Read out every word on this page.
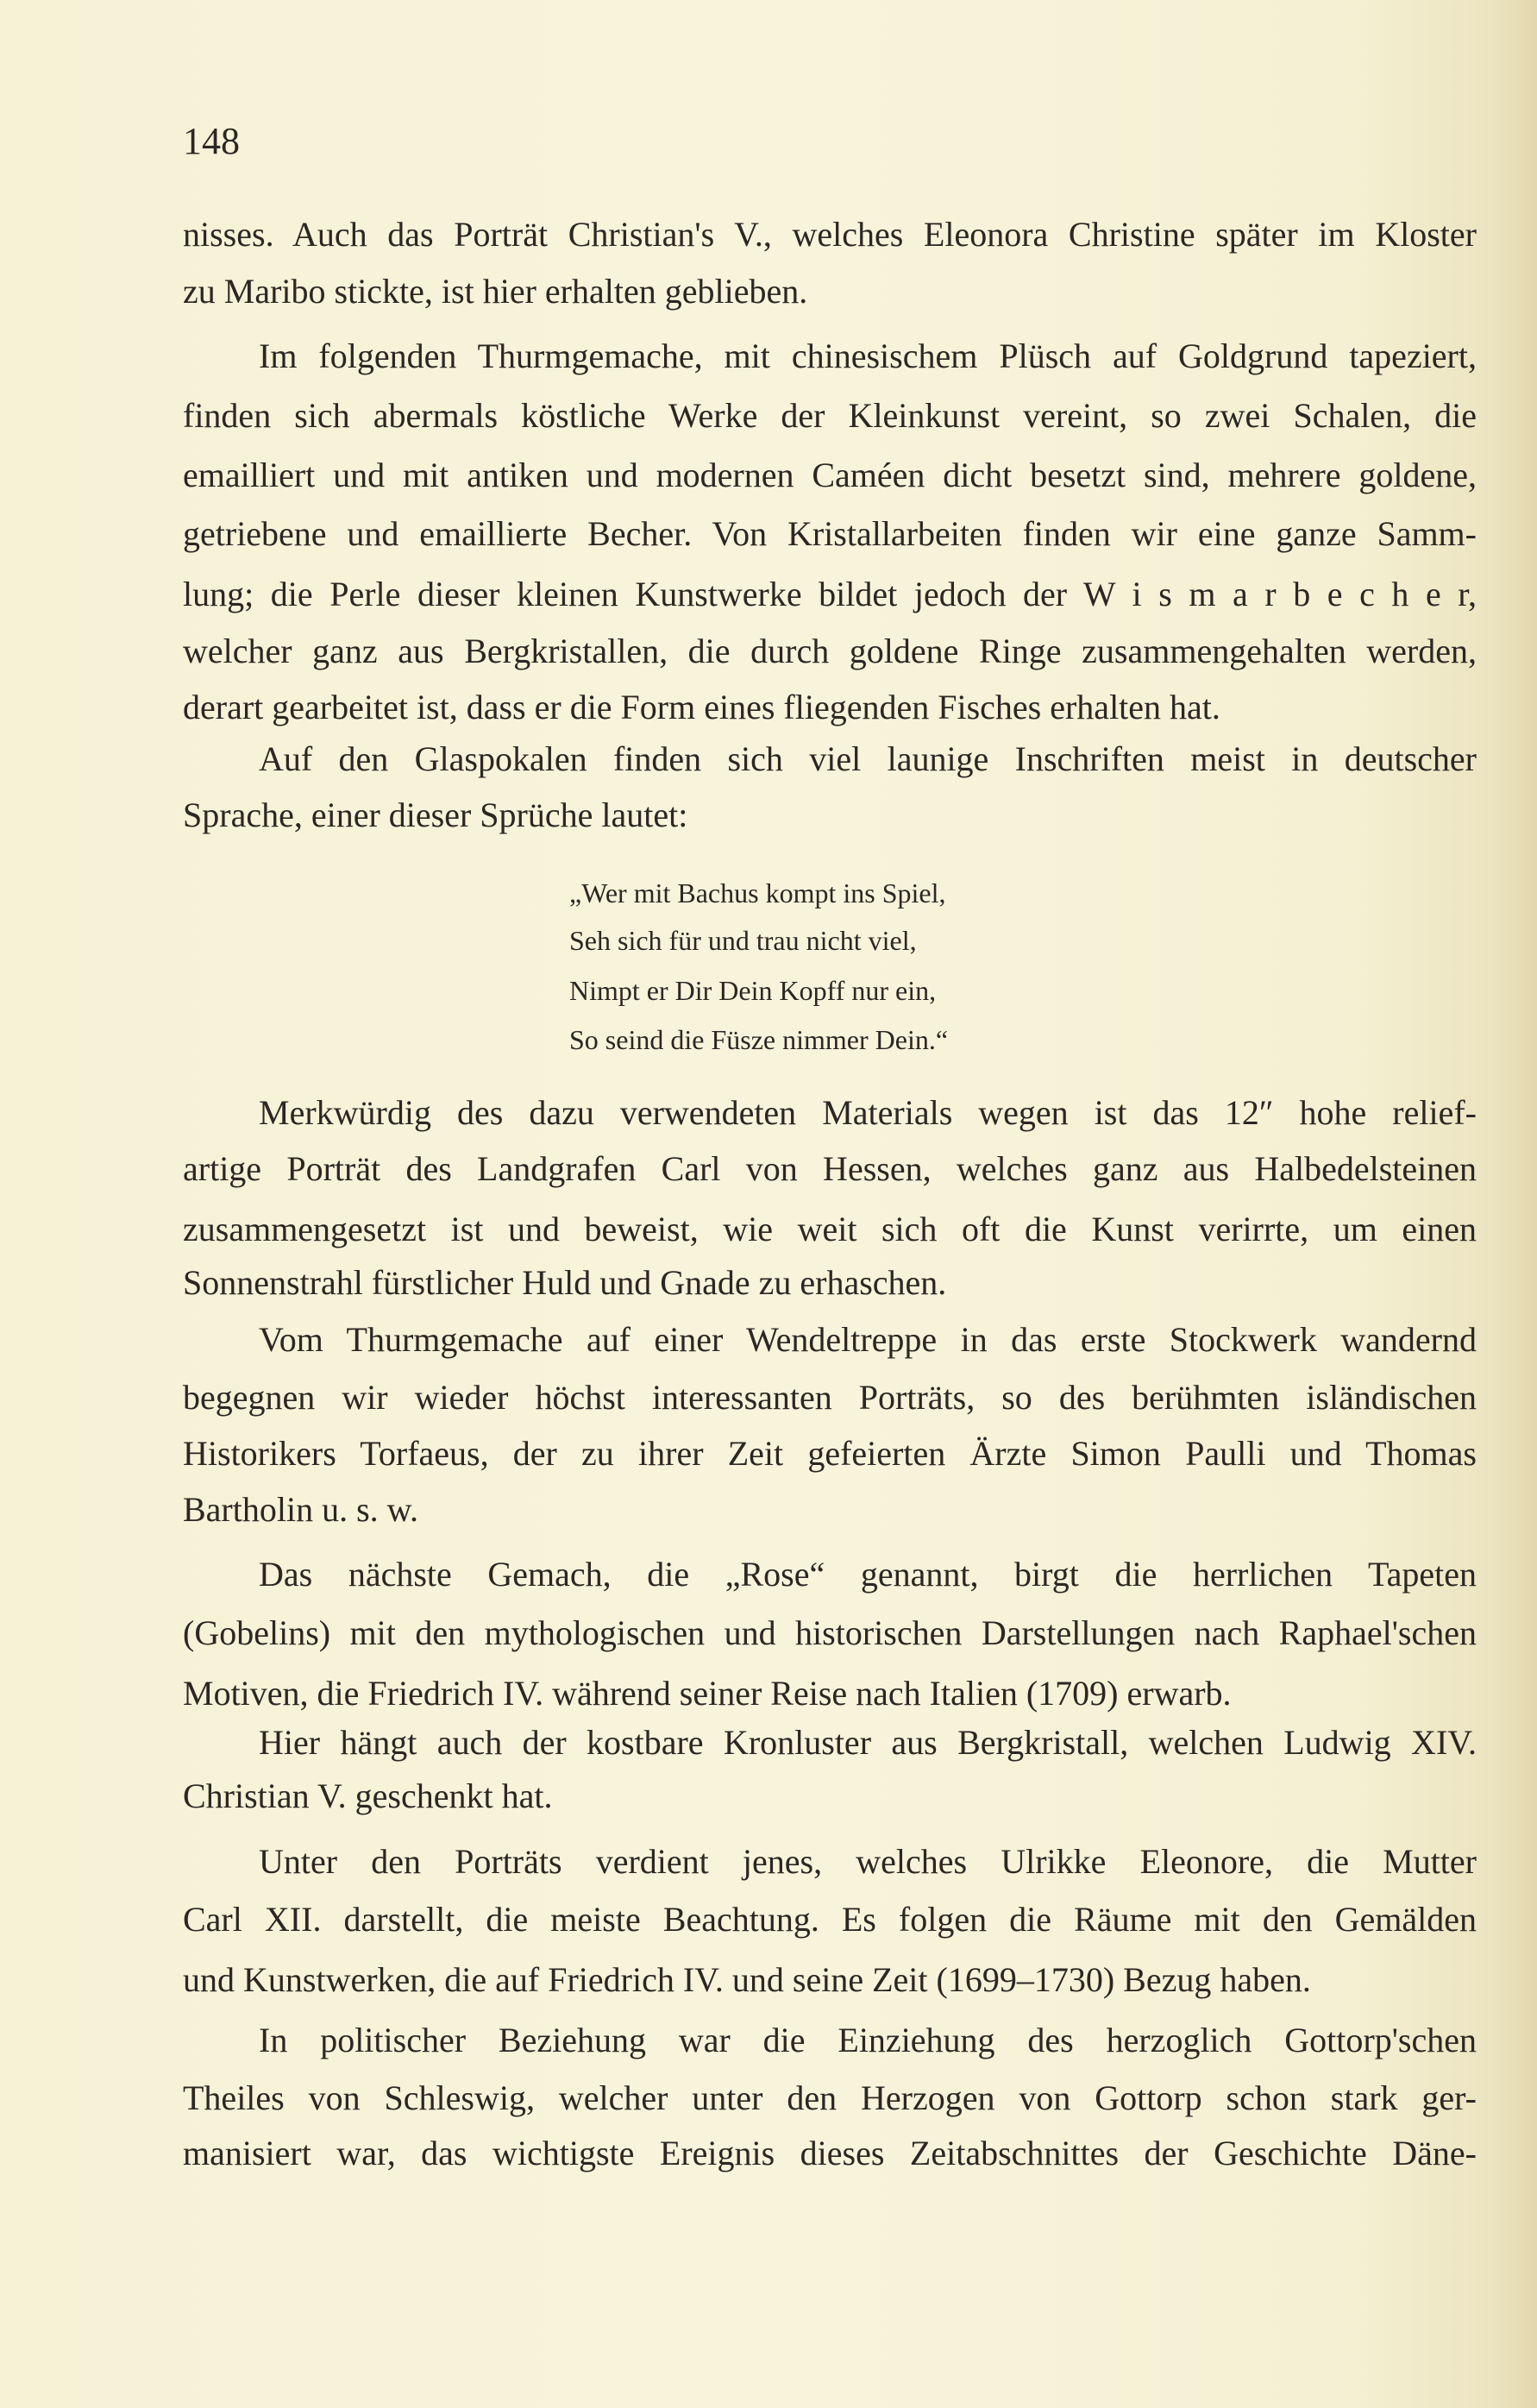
148
nisses. Auch das Porträt Christian's V., welches Eleonora Christine später im Kloster
zu Maribo stickte, ist hier erhalten geblieben.
Im folgenden Thurmgemache, mit chinesischem Plüsch auf Goldgrund tapeziert,
finden sich abermals köstliche Werke der Kleinkunst vereint, so zwei Schalen, die
emailliert und mit antiken und modernen Caméen dicht besetzt sind, mehrere goldene,
getriebene und emaillierte Becher. Von Kristallarbeiten finden wir eine ganze Samm-
lung; die Perle dieser kleinen Kunstwerke bildet jedoch der W i s m a r b e c h e r,
welcher ganz aus Bergkristallen, die durch goldene Ringe zusammengehalten werden,
derart gearbeitet ist, dass er die Form eines fliegenden Fisches erhalten hat.
Auf den Glaspokalen finden sich viel launige Inschriften meist in deutscher
Sprache, einer dieser Sprüche lautet:
„Wer mit Bachus kompt ins Spiel,
Seh sich für und trau nicht viel,
Nimpt er Dir Dein Kopff nur ein,
So seind die Füsze nimmer Dein.“
Merkwürdig des dazu verwendeten Materials wegen ist das 12″ hohe relief-
artige Porträt des Landgrafen Carl von Hessen, welches ganz aus Halbedelsteinen
zusammengesetzt ist und beweist, wie weit sich oft die Kunst verirrte, um einen
Sonnenstrahl fürstlicher Huld und Gnade zu erhaschen.
Vom Thurmgemache auf einer Wendeltreppe in das erste Stockwerk wandernd
begegnen wir wieder höchst interessanten Porträts, so des berühmten isländischen
Historikers Torfaeus, der zu ihrer Zeit gefeierten Ärzte Simon Paulli und Thomas
Bartholin u. s. w.
Das nächste Gemach, die „Rose“ genannt, birgt die herrlichen Tapeten
(Gobelins) mit den mythologischen und historischen Darstellungen nach Raphael'schen
Motiven, die Friedrich IV. während seiner Reise nach Italien (1709) erwarb.
Hier hängt auch der kostbare Kronluster aus Bergkristall, welchen Ludwig XIV.
Christian V. geschenkt hat.
Unter den Porträts verdient jenes, welches Ulrikke Eleonore, die Mutter
Carl XII. darstellt, die meiste Beachtung. Es folgen die Räume mit den Gemälden
und Kunstwerken, die auf Friedrich IV. und seine Zeit (1699–1730) Bezug haben.
In politischer Beziehung war die Einziehung des herzoglich Gottorp'schen
Theiles von Schleswig, welcher unter den Herzogen von Gottorp schon stark ger-
manisiert war, das wichtigste Ereignis dieses Zeitabschnittes der Geschichte Däne-
